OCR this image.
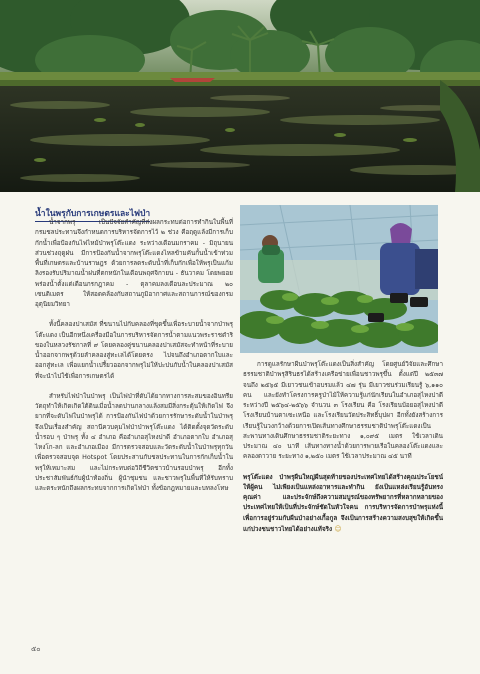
น้ำในพรุกับการเกษตรและไฟป่า

น้ำจากพรุ เป็นปัจจัยสำคัญที่ส่งผลกระทบต่อการทำกินในพื้นที่ กรมชลประทานจึงกำหนดการบริหารจัดการไว้ ๒ ช่วง คือฤดูแล้งมีการเก็บกักน้ำเพื่อป้องกันไฟไหม้ป่าพรุโต๊ะแดง ระหว่างเดือนมกราคม - มิถุนายน ส่วนช่วงฤดูฝน มีการป้องกันน้ำจากพรุโต๊ะแดงไหลข้ามคันกั้นน้ำเข้าท่วมพื้นที่เกษตรและบ้านราษฎร ด้วยการลดระดับน้ำที่เก็บกักเพื่อให้พรุเป็นแก้มลิงรองรับปริมาณน้ำฝนที่ตกหนักในเดือนพฤศจิกายน - ธันวาคม โดยพยอยพร่องน้ำตั้งแต่เดือนกรกฎาคม - ตุลาคมลงเดือนละประมาณ ๒๐ เซนติเมตร ให้สอดคล้องกับสถานภูมิอากาศและสถานการณ์ของกรมอุตุนิยมวิทยา

ทั้งนี้คลองปาเสมัส ที่ขนานไปกับคลองที่ขุดขึ้นเพื่อระบายน้ำจากป่าพรุโต๊ะแดง เป็นอีกหนึ่งเครื่องมือในการบริหารจัดการน้ำตามแนวพระราชดำริของในหลวงรัชกาลที่ ๙ โดยคลองคู่ขนานคลองปาเสมัสจะทำหน้าที่ระบายน้ำออกจากพรุด้วยลำคลองสู่ทะเลได้โดยตรง ไปจนถึงอำเภอตากใบและออกสู่ทะเล เพื่อแยกน้ำเปรี้ยวออกจากพรุไม่ให้ปะปนกับน้ำในคลองปาเสมัสที่จะนำไปใช้เพื่อการเกษตรได้

สำหรับไฟป่าในป่าพรุ เป็นไฟป่าที่ดับได้ยากทางการสะสมของอินทรียวัตถุทำให้เกิดเกิดใต้ดินเมื่อน้ำลดปานกลางแล้งสมมีสิ่งกระตุ้นให้เกิดไฟ จึงยากที่จะดับไฟในป่าพรุได้ การป้องกันไฟป่าด้วยการรักษาระดับน้ำในป่าพรุจึงเป็นเรื่องสำคัญ สถานีควบคุมไฟป่าป่าพรุโต๊ะแดง ได้ติดตั้งจุดวัดระดับน้ำรอบ ๆ ป่าพรุ ทั้ง ๔ อำเภอ คืออำเภอสุไหงปาดี อำเภอตากใบ อำเภอสุไหงโก-ลก และอำเภอเมือง มีการตรวจสอบและวัดระดับน้ำในป่าพรุทุกวันเพื่อตรวจสอบจุด Hotspot โดยประสานกับชลประทานในการกักเก็บน้ำในพรุให้เหมาะสม และไม่กระทบต่อวิถีชีวิตชาวบ้านรอบป่าพรุ อีกทั้งประชาสัมพันธ์กับผู้นำท้องถิ่น ผู้นำชุมชน และชาวพรุในพื้นที่ให้รับทราบและตระหนักถึงผลกระทบจากการเกิดไฟป่า ทั้งข้อกฎหมายและบทลงโทษ

การดูแลรักษาผืนป่าพรุโต๊ะแดงเป็นสิ่งสำคัญ โดยศูนย์วิจัยและศึกษาธรรมชาติป่าพรุสิรินธรได้สร้างเครือข่ายเพื่อนชาวพรุขึ้น ตั้งแต่ปี ๒๕๓๗ จนถึง ๒๕๖๕ มีเยาวชนเข้าอบรมแล้ว ๔๗ รุ่น มีเยาวชนร่วมเรียนรู้ ๖,๑๑๐ คน และยังทำโครงการครูป่าไม้ให้ความรู้แก่นักเรียนในอำเภอสุไหงปาดีระหว่างปี ๒๕๖๔-๒๕๖๖ จำนวน ๓ โรงเรียน คือ โรงเรียนบ้อยอสุไหงปาดี โรงเรียนบ้านตาเซะเหนือ และโรงเรียนวัดประสิทธิ์บุปผา อีกทั้งยังสร้างการเรียนรู้ในวงกว้างด้วยการเปิดเส้นทางศึกษาธรรมชาติป่าพรุโต๊ะแดงเป็นสะพานทางเดินศึกษาธรรมชาติระยะทาง ๑,๐๙๕ เมตร ใช้เวลาเดินประมาณ ๔๐ นาที เส้นทางทางน้ำด้วยการพายเรือในคลองโต๊ะแดงและคลองตาวาย ระยะทาง ๑,๒๕๐ เมตร ใช้เวลาประมาณ ๔๕ นาที

พรุโต๊ะแดง ป่าพรุผืนใหญ่ผืนสุดท้ายของประเทศไทยได้สร้างคุณประโยชน์ให้ผู้คน ไม่เพียงเป็นแหล่งอาหารและทำกิน ยังเป็นแหล่งเรียนรู้อันทรงคุณค่า และประจักษ์ถึงความสมบูรณ์ของทรัพยากรที่หลากหลายของประเทศไทยให้เป็นที่ประจักษ์ชัดในหัวใจคน การบริหารจัดการป่าพรุแห่งนี้เพื่อการอยู่ร่วมกับผืนป่าอย่างเกื้อกูล จึงเป็นการสร้างความสงบสุขให้เกิดขึ้นแก่ปวงชนชาวไทยได้อย่างแท้จริง ☺

๕๐
